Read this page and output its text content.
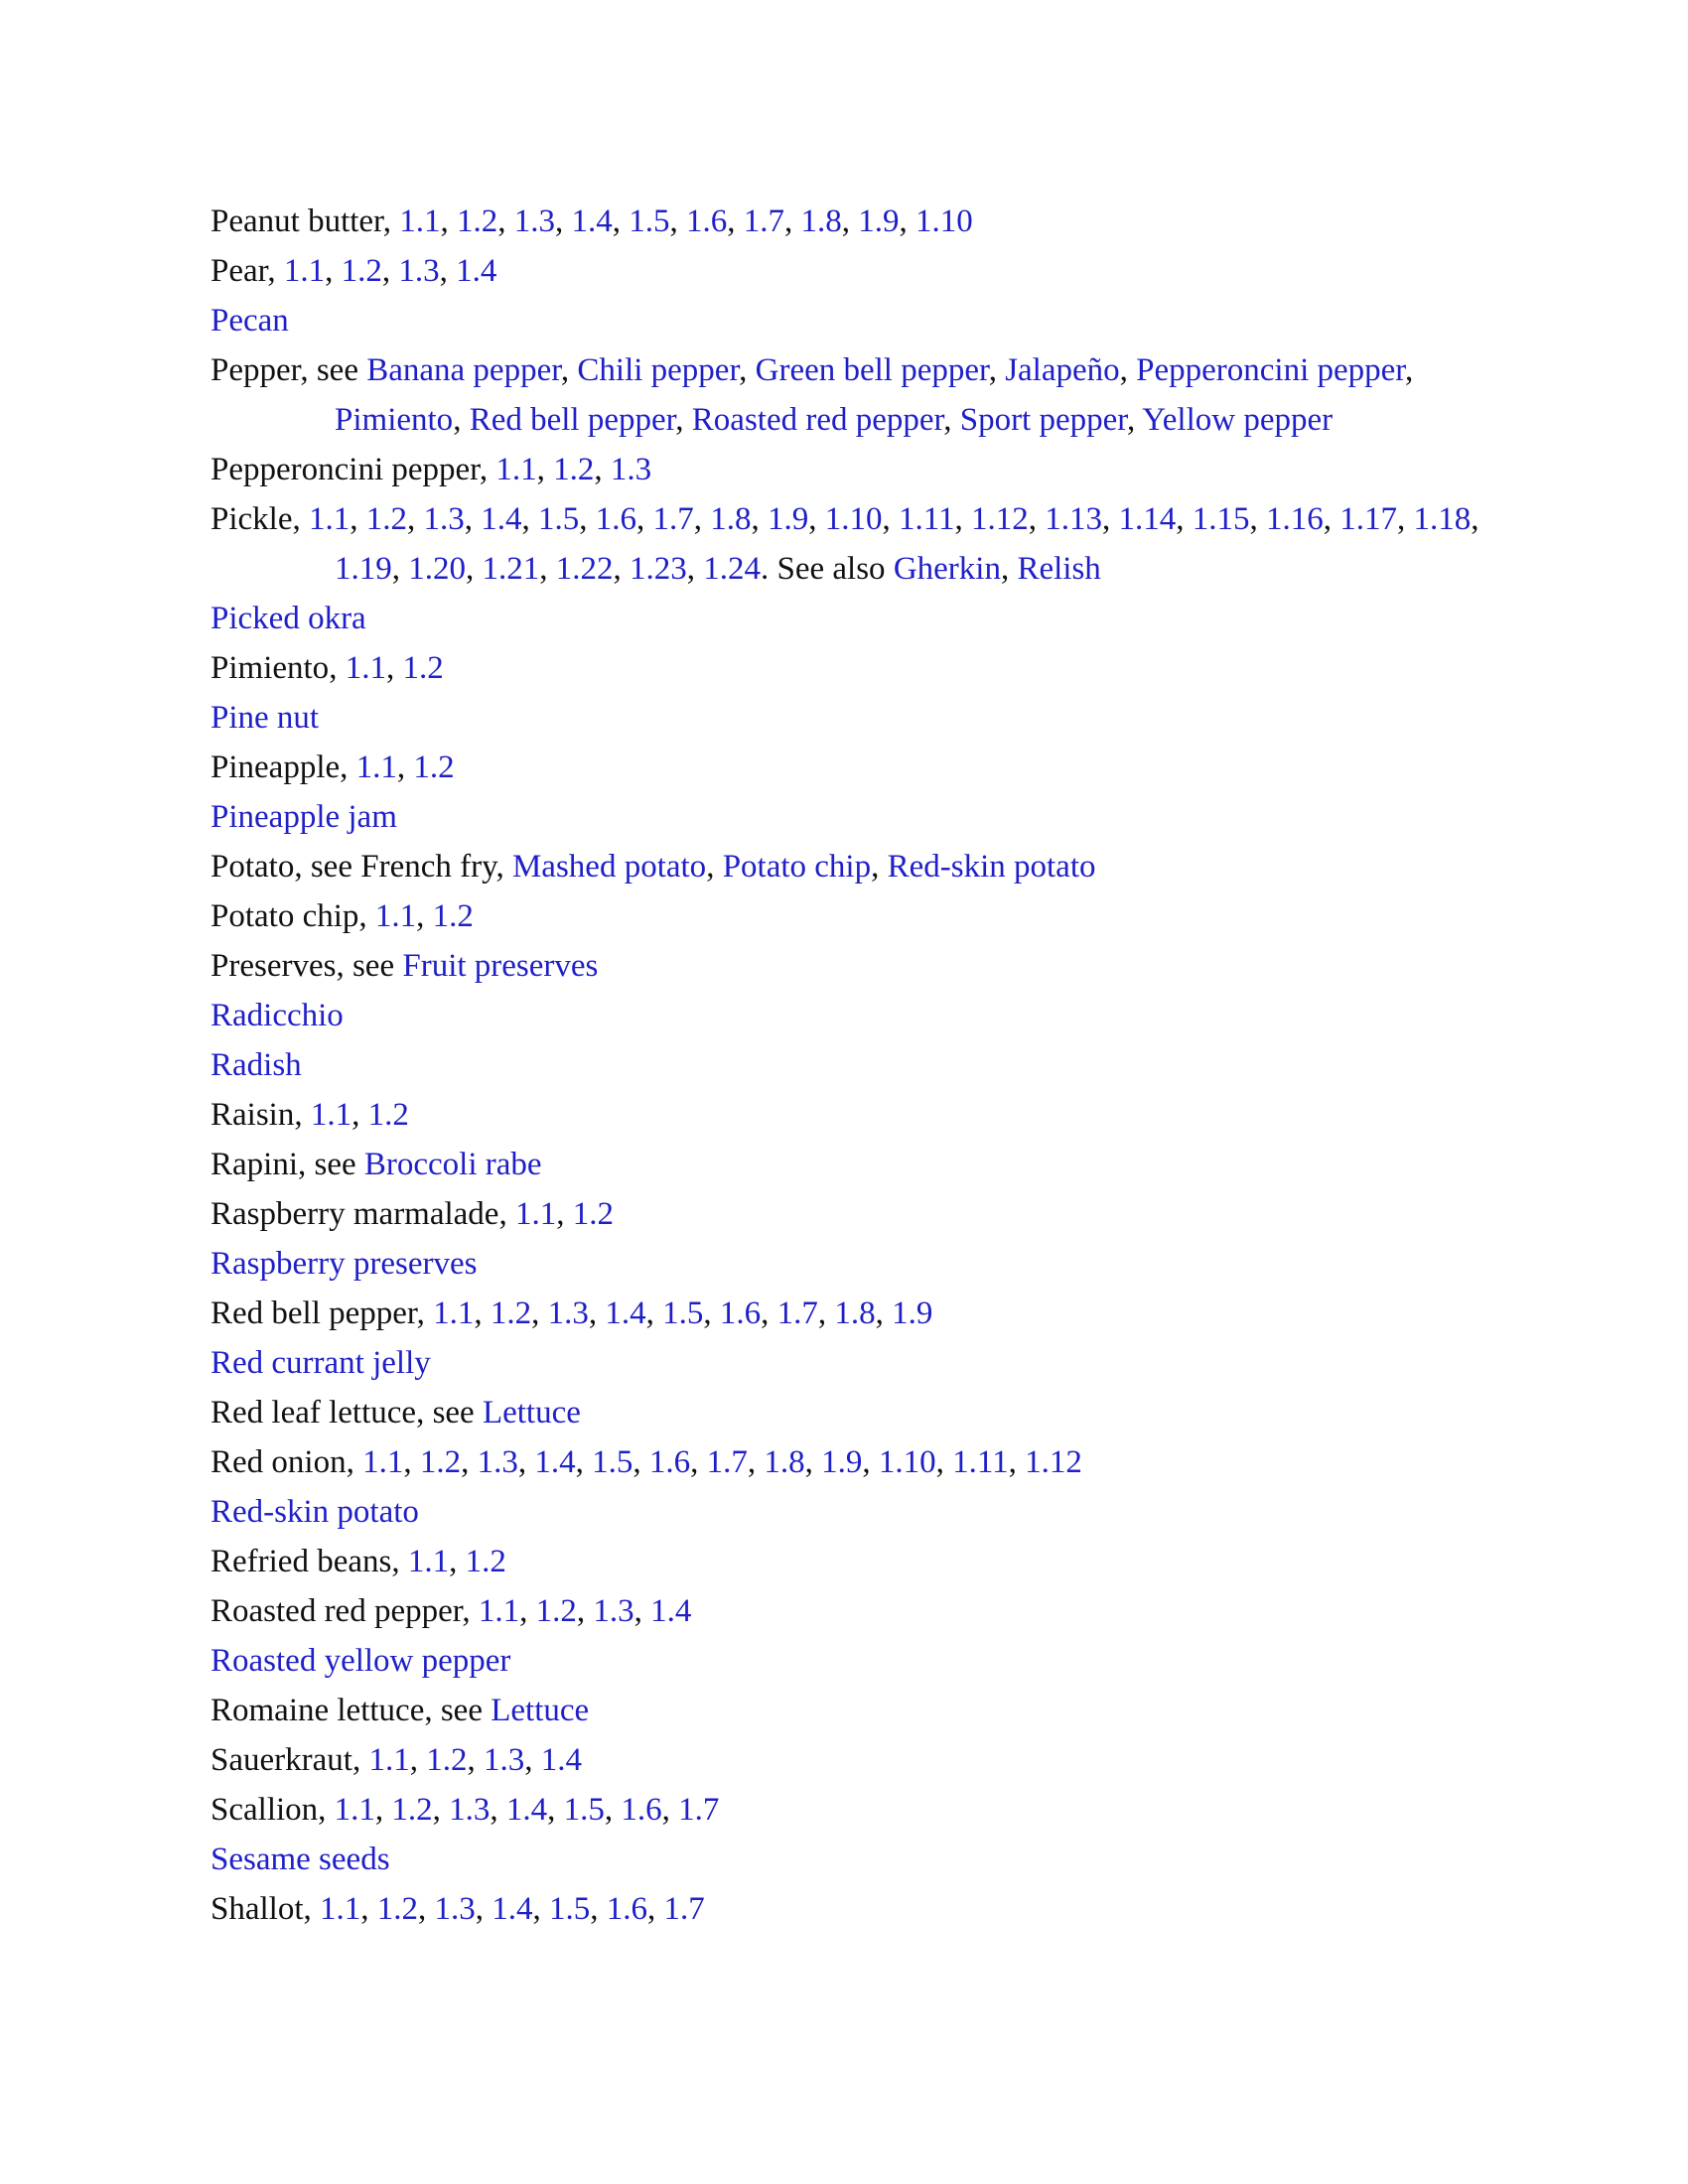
Peanut butter, 1.1, 1.2, 1.3, 1.4, 1.5, 1.6, 1.7, 1.8, 1.9, 1.10
Pear, 1.1, 1.2, 1.3, 1.4
Pecan
Pepper, see Banana pepper, Chili pepper, Green bell pepper, Jalapeño, Pepperoncini pepper, Pimiento, Red bell pepper, Roasted red pepper, Sport pepper, Yellow pepper
Pepperoncini pepper, 1.1, 1.2, 1.3
Pickle, 1.1, 1.2, 1.3, 1.4, 1.5, 1.6, 1.7, 1.8, 1.9, 1.10, 1.11, 1.12, 1.13, 1.14, 1.15, 1.16, 1.17, 1.18, 1.19, 1.20, 1.21, 1.22, 1.23, 1.24. See also Gherkin, Relish
Picked okra
Pimiento, 1.1, 1.2
Pine nut
Pineapple, 1.1, 1.2
Pineapple jam
Potato, see French fry, Mashed potato, Potato chip, Red-skin potato
Potato chip, 1.1, 1.2
Preserves, see Fruit preserves
Radicchio
Radish
Raisin, 1.1, 1.2
Rapini, see Broccoli rabe
Raspberry marmalade, 1.1, 1.2
Raspberry preserves
Red bell pepper, 1.1, 1.2, 1.3, 1.4, 1.5, 1.6, 1.7, 1.8, 1.9
Red currant jelly
Red leaf lettuce, see Lettuce
Red onion, 1.1, 1.2, 1.3, 1.4, 1.5, 1.6, 1.7, 1.8, 1.9, 1.10, 1.11, 1.12
Red-skin potato
Refried beans, 1.1, 1.2
Roasted red pepper, 1.1, 1.2, 1.3, 1.4
Roasted yellow pepper
Romaine lettuce, see Lettuce
Sauerkraut, 1.1, 1.2, 1.3, 1.4
Scallion, 1.1, 1.2, 1.3, 1.4, 1.5, 1.6, 1.7
Sesame seeds
Shallot, 1.1, 1.2, 1.3, 1.4, 1.5, 1.6, 1.7
